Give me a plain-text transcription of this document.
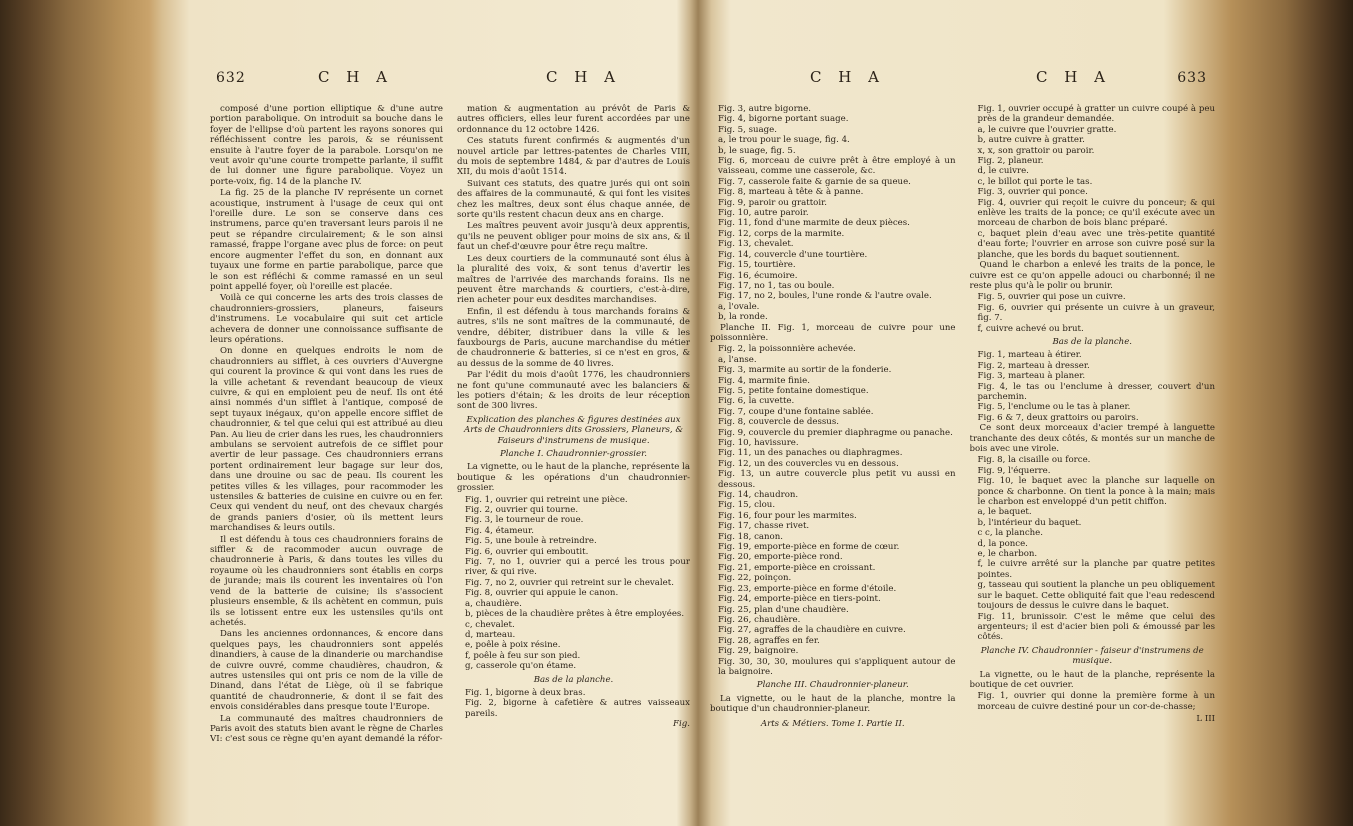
632	C H A	C H A

composé d'une portion elliptique & d'une autre portion parabolique. On introduit sa bouche dans le foyer de l'ellipse d'où partent les rayons sonores qui réfléchissent contre les parois, & se réunissent ensuite à l'autre foyer de la parabole. Lorsqu'on ne veut avoir qu'une courte trompette parlante, il suffit de lui donner une figure parabolique. Voyez un porte-voix, fig. 14 de la planche IV.

La fig. 25 de la planche IV représente un cornet acoustique, instrument à l'usage de ceux qui ont l'oreille dure. Le son se conserve dans ces instrumens, parce qu'en traversant leurs parois il ne peut se répandre circulairement; & le son ainsi ramassé, frappe l'organe avec plus de force: on peut encore augmenter l'effet du son, en donnant aux tuyaux une forme en partie parabolique, parce que le son est réfléchi & comme ramassé en un seul point appellé foyer, où l'oreille est placée.

Voilà ce qui concerne les arts des trois classes de chaudronniers-grossiers, planeurs, faiseurs d'instrumens. Le vocabulaire qui suit cet article achevera de donner une connoissance suffisante de leurs opérations.

On donne en quelques endroits le nom de chaudronniers au sifflet, à ces ouvriers d'Auvergne qui courent la province & qui vont dans les rues de la ville achetant & revendant beaucoup de vieux cuivre, & qui en emploient peu de neuf. Ils ont été ainsi nommés d'un sifflet à l'antique, composé de sept tuyaux inégaux, qu'on appelle encore sifflet de chaudronnier, & tel que celui qui est attribué au dieu Pan. Au lieu de crier dans les rues, les chaudronniers ambulans se servoient autrefois de ce sifflet pour avertir de leur passage. Ces chaudronniers errans portent ordinairement leur bagage sur leur dos, dans une drouine ou sac de peau. Ils courent les petites villes & les villages, pour racommoder les ustensiles & batteries de cuisine en cuivre ou en fer. Ceux qui vendent du neuf, ont des chevaux chargés de grands paniers d'osier, où ils mettent leurs marchandises & leurs outils.

Il est défendu à tous ces chaudronniers forains de siffler & de racommoder aucun ouvrage de chaudronnerie à Paris, & dans toutes les villes du royaume où les chaudronniers sont établis en corps de jurande; mais ils courent les inventaires où l'on vend de la batterie de cuisine; ils s'associent plusieurs ensemble, & ils achètent en commun, puis ils se lotissent entre eux les ustensiles qu'ils ont achetés.

Dans les anciennes ordonnances, & encore dans quelques pays, les chaudronniers sont appelés dinandiers, à cause de la dinanderie ou marchandise de cuivre ouvré, comme chaudières, chaudron, & autres ustensiles qui ont pris ce nom de la ville de Dinand, dans l'état de Liège, où il se fabrique quantité de chaudronnerie, & dont il se fait des envois considérables dans presque toute l'Europe.

La communauté des maîtres chaudronniers de Paris avoit des statuts bien avant le règne de Charles VI: c'est sous ce règne qu'en ayant demandé la réfor-

mation & augmentation au prévôt de Paris & autres officiers, elles leur furent accordées par une ordonnance du 12 octobre 1426.

Ces statuts furent confirmés & augmentés d'un nouvel article par lettres-patentes de Charles VIII, du mois de septembre 1484, & par d'autres de Louis XII, du mois d'août 1514.

Suivant ces statuts, des quatre jurés qui ont soin des affaires de la communauté, & qui font les visites chez les maîtres, deux sont élus chaque année, de sorte qu'ils restent chacun deux ans en charge.

Les maîtres peuvent avoir jusqu'à deux apprentis, qu'ils ne peuvent obliger pour moins de six ans, & il faut un chef-d'œuvre pour être reçu maître.

Les deux courtiers de la communauté sont élus à la pluralité des voix, & sont tenus d'avertir les maîtres de l'arrivée des marchands forains. Ils ne peuvent être marchands & courtiers, c'est-à-dire, rien acheter pour eux desdites marchandises.

Enfin, il est défendu à tous marchands forains & autres, s'ils ne sont maîtres de la communauté, de vendre, débiter, distribuer dans la ville & les fauxbourgs de Paris, aucune marchandise du métier de chaudronnerie & batteries, si ce n'est en gros, & au dessus de la somme de 40 livres.

Par l'édit du mois d'août 1776, les chaudronniers ne font qu'une communauté avec les balanciers & les potiers d'étain; & les droits de leur réception sont de 300 livres.

Explication des planches & figures destinées aux Arts de Chaudronniers dits Grossiers, Planeurs, & Faiseurs d'instrumens de musique.

Planche I. Chaudronnier-grossier.

La vignette, ou le haut de la planche, représente la boutique & les opérations d'un chaudronnier-grossier.

Fig. 1, ouvrier qui retreint une pièce.

Fig. 2, ouvrier qui tourne.

Fig. 3, le tourneur de roue.

Fig. 4, étameur.

Fig. 5, une boule à retreindre.

Fig. 6, ouvrier qui emboutit.

Fig. 7, no 1, ouvrier qui a percé les trous pour river, & qui rive.

Fig. 7, no 2, ouvrier qui retreint sur le chevalet.

Fig. 8, ouvrier qui appuie le canon.

a, chaudière.

b, pièces de la chaudière prêtes à être employées.

c, chevalet.

d, marteau.

e, poêle à poix résine.

f, poêle à feu sur son pied.

g, casserole qu'on étame.

Bas de la planche.

Fig. 1, bigorne à deux bras.

Fig. 2, bigorne à cafetière & autres vaisseaux pareils.

Fig.

C H A	C H A	633

Fig. 3, autre bigorne.

Fig. 4, bigorne portant suage.

Fig. 5, suage.

a, le trou pour le suage, fig. 4.

b, le suage, fig. 5.

Fig. 6, morceau de cuivre prêt à être employé à un vaisseau, comme une casserole, &c.

Fig. 7, casserole faite & garnie de sa queue.

Fig. 8, marteau à tête & à panne.

Fig. 9, paroir ou grattoir.

Fig. 10, autre paroir.

Fig. 11, fond d'une marmite de deux pièces.

Fig. 12, corps de la marmite.

Fig. 13, chevalet.

Fig. 14, couvercle d'une tourtière.

Fig. 15, tourtière.

Fig. 16, écumoire.

Fig. 17, no 1, tas ou boule.

Fig. 17, no 2, boules, l'une ronde & l'autre ovale.

a, l'ovale.

b, la ronde.

Planche II. Fig. 1, morceau de cuivre pour une poissonnière.

Fig. 2, la poissonnière achevée.

a, l'anse.

Fig. 3, marmite au sortir de la fonderie.

Fig. 4, marmite finie.

Fig. 5, petite fontaine domestique.

Fig. 6, la cuvette.

Fig. 7, coupe d'une fontaine sablée.

Fig. 8, couvercle de dessus.

Fig. 9, couvercle du premier diaphragme ou panache.

Fig. 10, havissure.

Fig. 11, un des panaches ou diaphragmes.

Fig. 12, un des couvercles vu en dessous.

Fig. 13, un autre couvercle plus petit vu aussi en dessous.

Fig. 14, chaudron.

Fig. 15, clou.

Fig. 16, four pour les marmites.

Fig. 17, chasse rivet.

Fig. 18, canon.

Fig. 19, emporte-pièce en forme de cœur.

Fig. 20, emporte-pièce rond.

Fig. 21, emporte-pièce en croissant.

Fig. 22, poinçon.

Fig. 23, emporte-pièce en forme d'étoile.

Fig. 24, emporte-pièce en tiers-point.

Fig. 25, plan d'une chaudière.

Fig. 26, chaudière.

Fig. 27, agraffes de la chaudière en cuivre.

Fig. 28, agraffes en fer.

Fig. 29, baignoire.

Fig. 30, 30, 30, moulures qui s'appliquent autour de la baignoire.

Planche III. Chaudronnier-planeur.

La vignette, ou le haut de la planche, montre la boutique d'un chaudronnier-planeur.

Arts & Métiers. Tome I. Partie II.

Fig. 1, ouvrier occupé à gratter un cuivre coupé à peu près de la grandeur demandée.

a, le cuivre que l'ouvrier gratte.

b, autre cuivre à gratter.

x, x, son grattoir ou paroir.

Fig. 2, planeur.

d, le cuivre.

c, le billot qui porte le tas.

Fig. 3, ouvrier qui ponce.

Fig. 4, ouvrier qui reçoit le cuivre du ponceur; & qui enlève les traits de la ponce; ce qu'il exécute avec un morceau de charbon de bois blanc préparé.

c, baquet plein d'eau avec une très-petite quantité d'eau forte; l'ouvrier en arrose son cuivre posé sur la planche, que les bords du baquet soutiennent.

Quand le charbon a enlevé les traits de la ponce, le cuivre est ce qu'on appelle adouci ou charbonné; il ne reste plus qu'à le polir ou brunir.

Fig. 5, ouvrier qui pose un cuivre.

Fig. 6, ouvrier qui présente un cuivre à un graveur, fig. 7.

f, cuivre achevé ou brut.

Bas de la planche.

Fig. 1, marteau à étirer.

Fig. 2, marteau à dresser.

Fig. 3, marteau à planer.

Fig. 4, le tas ou l'enclume à dresser, couvert d'un parchemin.

Fig. 5, l'enclume ou le tas à planer.

Fig. 6 & 7, deux grattoirs ou paroirs.

Ce sont deux morceaux d'acier trempé à languette tranchante des deux côtés, & montés sur un manche de bois avec une virole.

Fig. 8, la cisaille ou force.

Fig. 9, l'équerre.

Fig. 10, le baquet avec la planche sur laquelle on ponce & charbonne. On tient la ponce à la main; mais le charbon est enveloppé d'un petit chiffon.

a, le baquet.

b, l'intérieur du baquet.

c c, la planche.

d, la ponce.

e, le charbon.

f, le cuivre arrêté sur la planche par quatre petites pointes.

g, tasseau qui soutient la planche un peu obliquement sur le baquet. Cette obliquité fait que l'eau redescend toujours de dessus le cuivre dans le baquet.

Fig. 11, brunissoir. C'est le même que celui des argenteurs; il est d'acier bien poli & émoussé par les côtés.

Planche IV. Chaudronnier - faiseur d'instrumens de musique.

La vignette, ou le haut de la planche, représente la boutique de cet ouvrier.

Fig. 1, ouvrier qui donne la première forme à un morceau de cuivre destiné pour un cor-de-chasse;

L III
